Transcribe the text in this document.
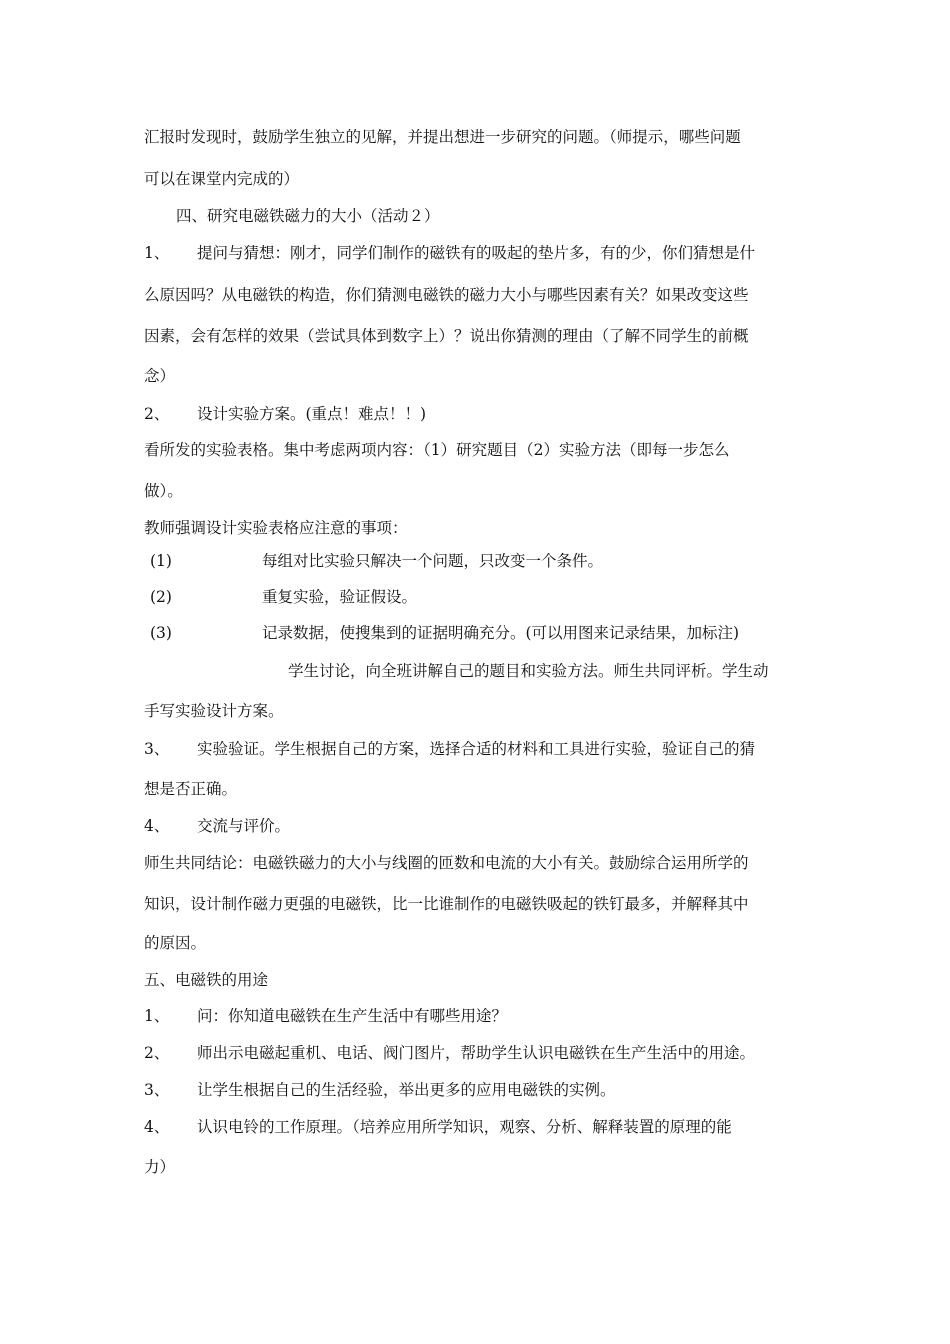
汇报时发现时，鼓励学生独立的见解，并提出想进一步研究的问题。（师提示，哪些问题
可以在课堂内完成的）
四、研究电磁铁磁力的大小（活动２）
1、 提问与猜想：刚才，同学们制作的磁铁有的吸起的垫片多，有的少，你们猜想是什
么原因吗？从电磁铁的构造，你们猜测电磁铁的磁力大小与哪些因素有关？如果改变这些
因素，会有怎样的效果（尝试具体到数字上）？说出你猜测的理由（了解不同学生的前概
念）
2、 设计实验方案。(重点！难点！！)
看所发的实验表格。集中考虑两项内容：（1）研究题目（2）实验方法（即每一步怎么
做）。
教师强调设计实验表格应注意的事项：
(1)	每组对比实验只解决一个问题，只改变一个条件。
(2)	重复实验，验证假设。
(3)	记录数据，使搜集到的证据明确充分。(可以用图来记录结果，加标注)
学生讨论，向全班讲解自己的题目和实验方法。师生共同评析。学生动
手写实验设计方案。
3、 实验验证。学生根据自己的方案，选择合适的材料和工具进行实验，验证自己的猜
想是否正确。
4、 交流与评价。
师生共同结论：电磁铁磁力的大小与线圈的匝数和电流的大小有关。鼓励综合运用所学的
知识，设计制作磁力更强的电磁铁，比一比谁制作的电磁铁吸起的铁钉最多，并解释其中
的原因。
五、电磁铁的用途
1、 问：你知道电磁铁在生产生活中有哪些用途？
2、 师出示电磁起重机、电话、阀门图片，帮助学生认识电磁铁在生产生活中的用途。
3、 让学生根据自己的生活经验，举出更多的应用电磁铁的实例。
4、 认识电铃的工作原理。（培养应用所学知识，观察、分析、解释装置的原理的能
力）
